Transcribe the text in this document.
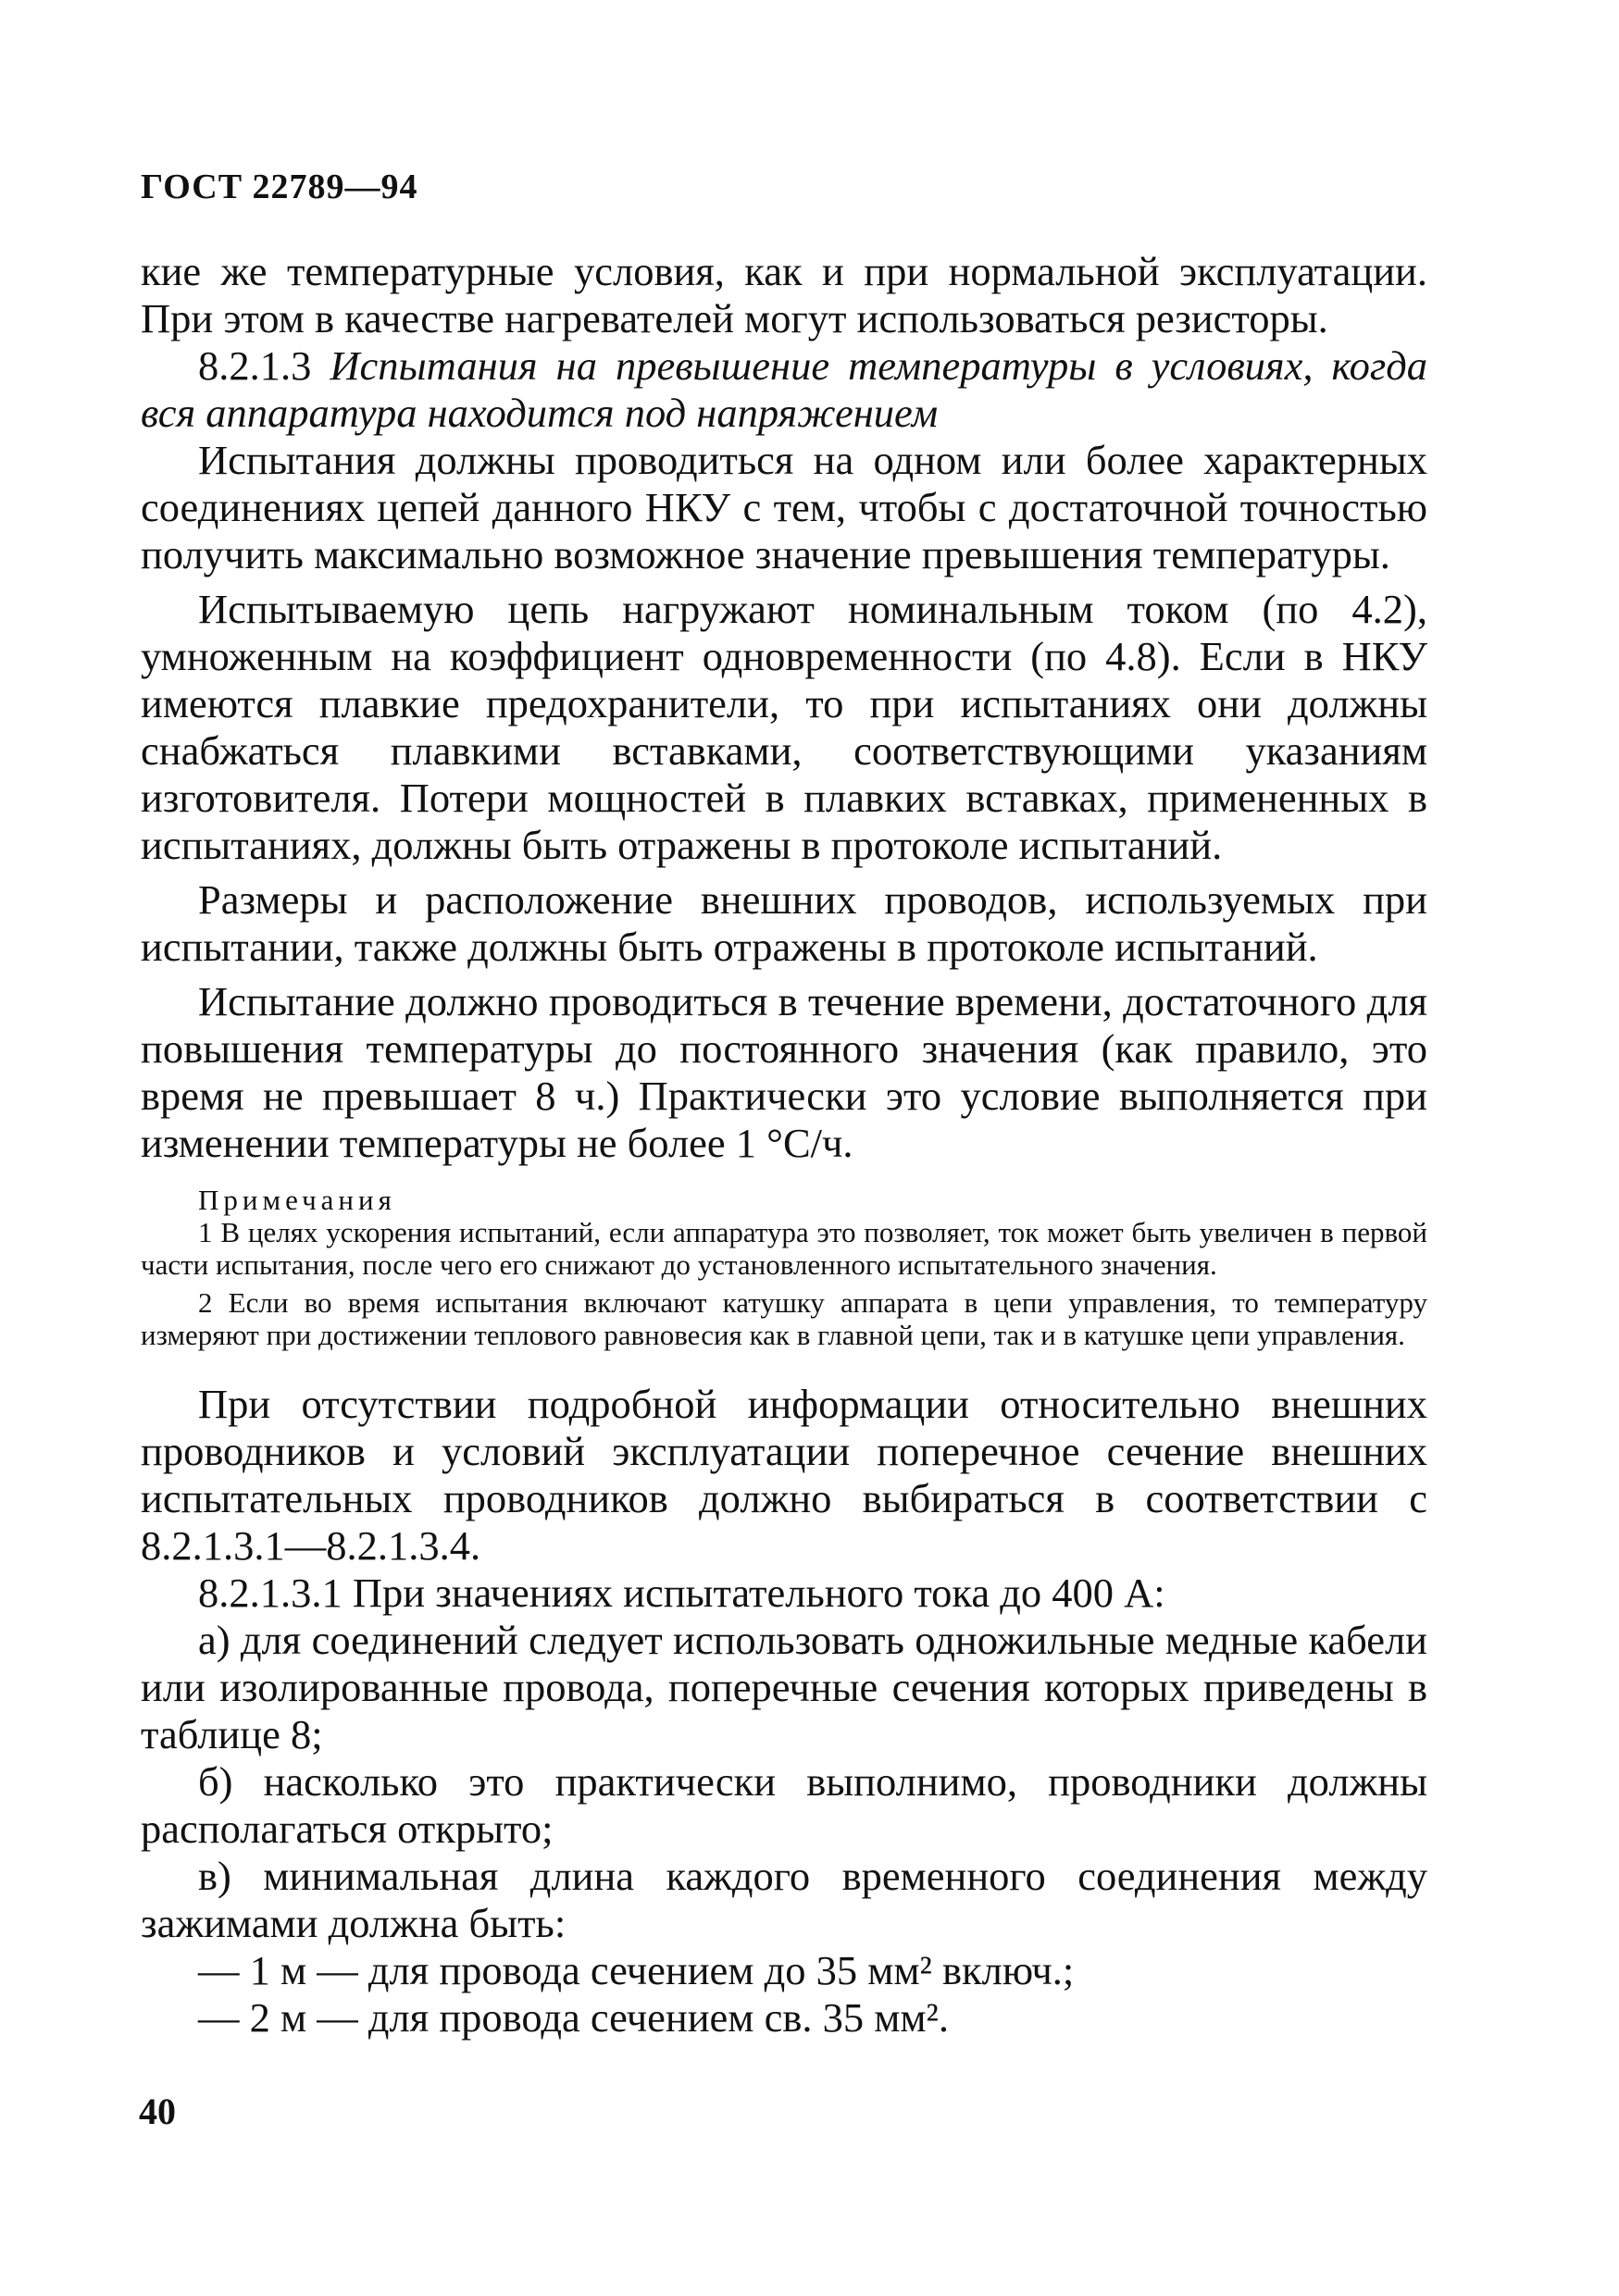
ГОСТ 22789—94

кие же температурные условия, как и при нормальной эксплуатации. При этом в качестве нагревателей могут использоваться резисторы.

8.2.1.3 Испытания на превышение температуры в условиях, когда вся аппаратура находится под напряжением

Испытания должны проводиться на одном или более характерных соединениях цепей данного НКУ с тем, чтобы с достаточной точностью получить максимально возможное значение превышения температуры.

Испытываемую цепь нагружают номинальным током (по 4.2), умноженным на коэффициент одновременности (по 4.8). Если в НКУ имеются плавкие предохранители, то при испытаниях они должны снабжаться плавкими вставками, соответствующими указаниям изготовителя. Потери мощностей в плавких вставках, примененных в испытаниях, должны быть отражены в протоколе испытаний.

Размеры и расположение внешних проводов, используемых при испытании, также должны быть отражены в протоколе испытаний.

Испытание должно проводиться в течение времени, достаточного для повышения температуры до постоянного значения (как правило, это время не превышает 8 ч.) Практически это условие выполняется при изменении температуры не более 1 °С/ч.

Примечания
1 В целях ускорения испытаний, если аппаратура это позволяет, ток может быть увеличен в первой части испытания, после чего его снижают до установленного испытательного значения.
2 Если во время испытания включают катушку аппарата в цепи управления, то температуру измеряют при достижении теплового равновесия как в главной цепи, так и в катушке цепи управления.

При отсутствии подробной информации относительно внешних проводников и условий эксплуатации поперечное сечение внешних испытательных проводников должно выбираться в соответствии с 8.2.1.3.1—8.2.1.3.4.

8.2.1.3.1 При значениях испытательного тока до 400 А:

а) для соединений следует использовать одножильные медные кабели или изолированные провода, поперечные сечения которых приведены в таблице 8;

б) насколько это практически выполнимо, проводники должны располагаться открыто;

в) минимальная длина каждого временного соединения между зажимами должна быть:

— 1 м — для провода сечением до 35 мм² включ.;

— 2 м — для провода сечением св. 35 мм².

40
